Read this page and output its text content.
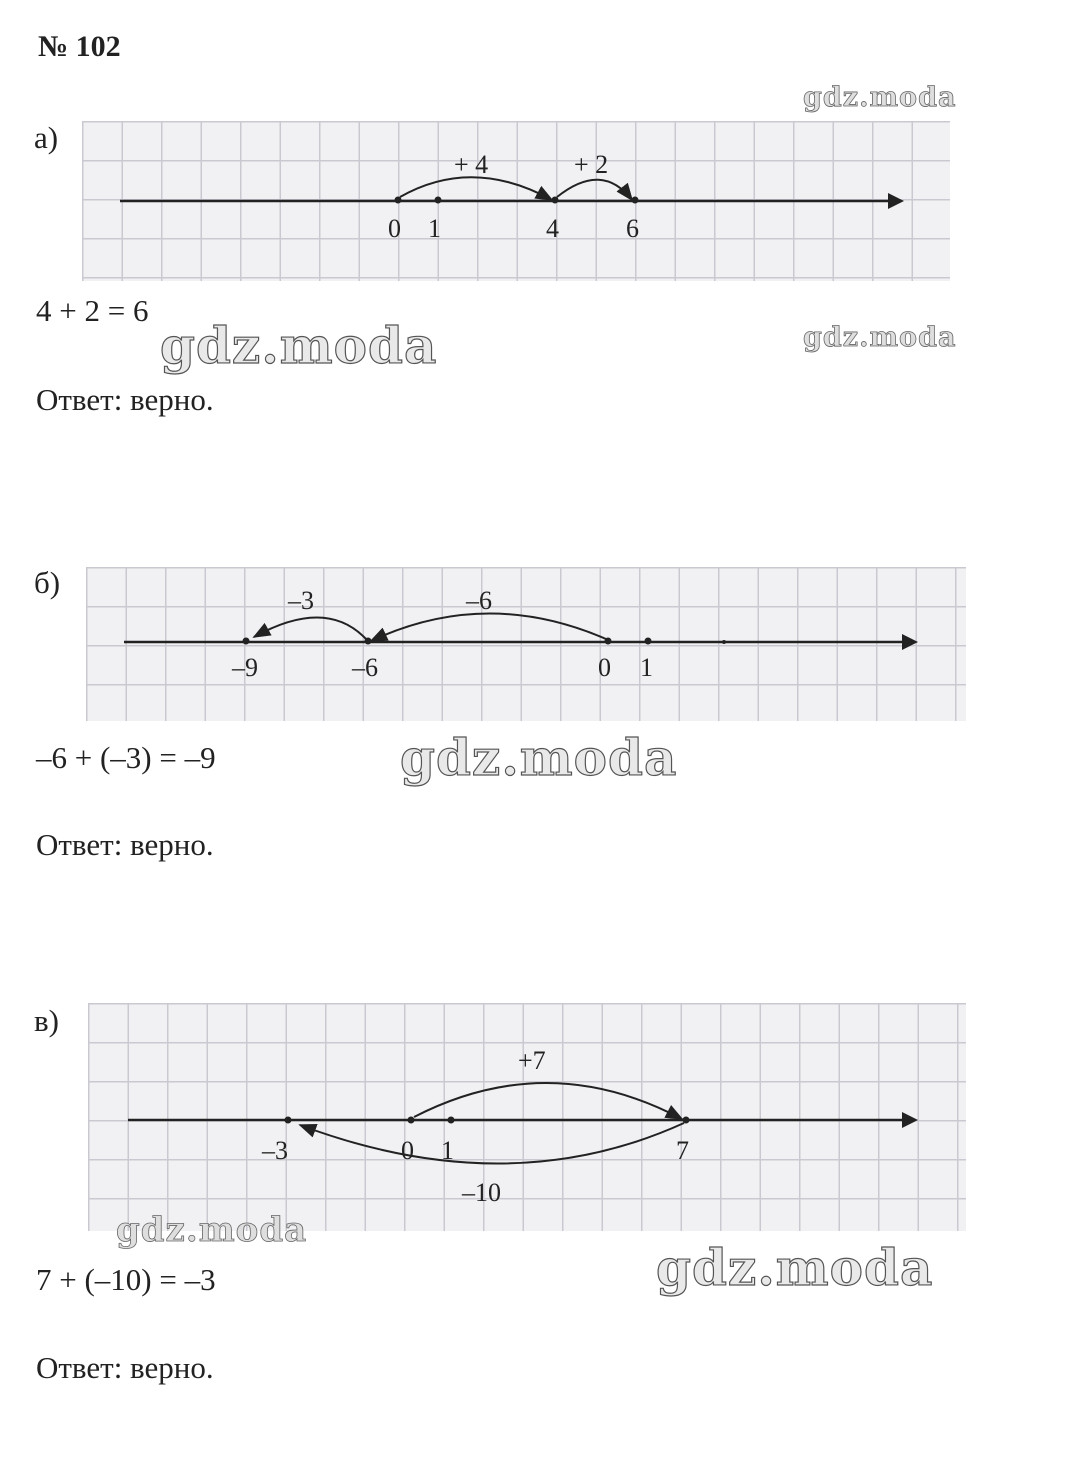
№ 102
а)
0 1	4	6
+ 4	+ 2
4 + 2 = 6
Ответ: верно.
б)
–9	–6	0 1
–3	–6
–6 + (–3) = –9
Ответ: верно.
в)
–3	0 1	7
+7
–10
7 + (–10) = –3
Ответ: верно.
gdz.moda
gdz.moda
gdz.moda
gdz.moda
gdz.moda
gdz.moda
